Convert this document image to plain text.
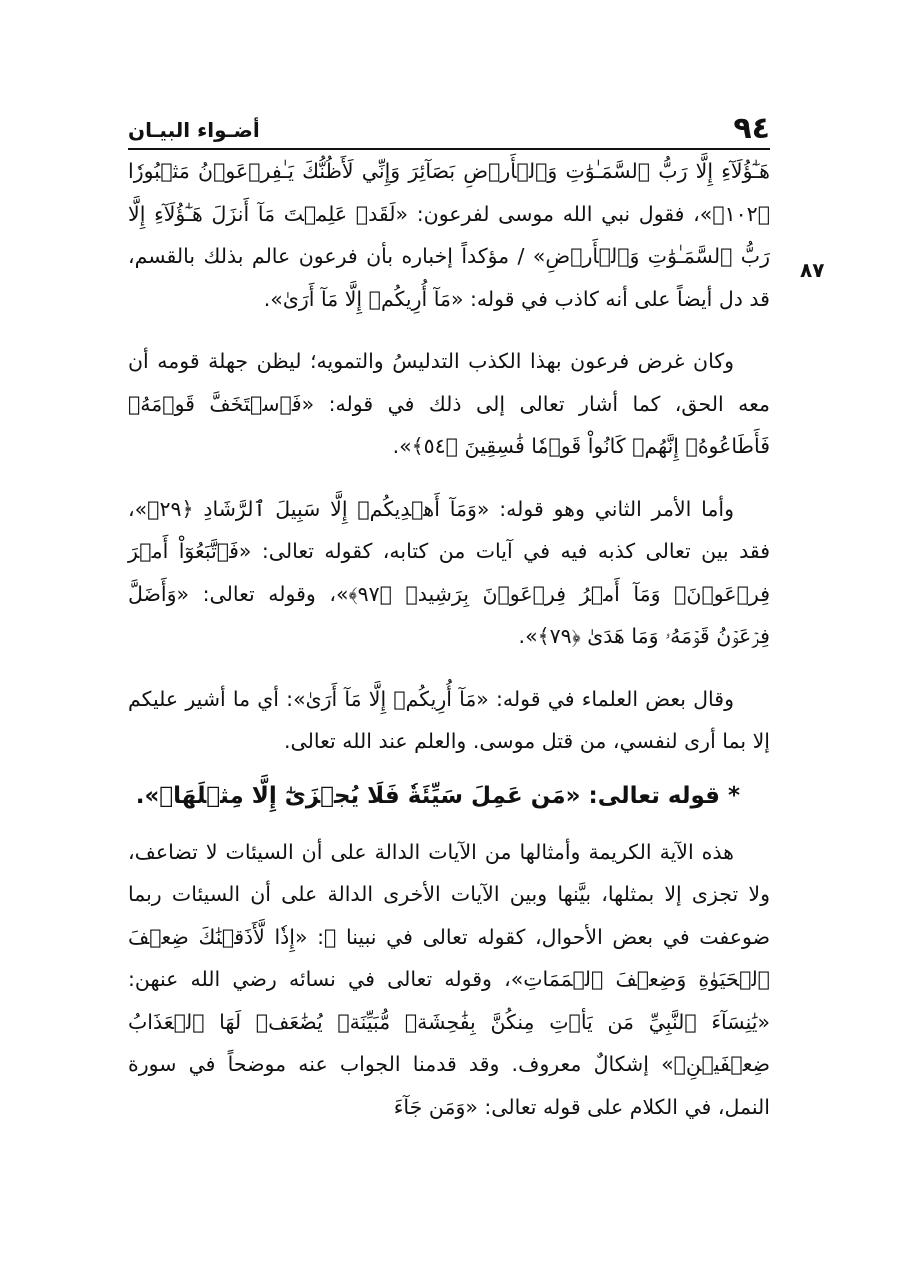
٩٤
أضـواء البيـان
٨٧

هَـٰٓؤُلَآءِ إِلَّا رَبُّ ٱلسَّمَـٰوَٰتِ وَٱلۡأَرۡضِ بَصَآئِرَ وَإِنِّي لَأَظُنُّكَ يَـٰفِرۡعَوۡنُ مَثۡبُورٗا ﴿١٠٢﴾»، فقول نبي الله موسى لفرعون: «لَقَدۡ عَلِمۡتَ مَآ أَنزَلَ هَـٰٓؤُلَآءِ إِلَّا رَبُّ ٱلسَّمَـٰوَٰتِ وَٱلۡأَرۡضِ» / مؤكداً إخباره بأن فرعون عالم بذلك بالقسم، قد دل أيضاً على أنه كاذب في قوله: «مَآ أُرِيكُمۡ إِلَّا مَآ أَرَىٰ».

وكان غرض فرعون بهذا الكذب التدليسُ والتمويه؛ ليظن جهلة قومه أن معه الحق، كما أشار تعالى إلى ذلك في قوله: «فَٱسۡتَخَفَّ قَوۡمَهُۥ فَأَطَاعُوهُۚ إِنَّهُمۡ كَانُواْ قَوۡمٗا فَٰسِقِينَ ﴿٥٤﴾».

وأما الأمر الثاني وهو قوله: «وَمَآ أَهۡدِيكُمۡ إِلَّا سَبِيلَ ٱلرَّشَادِ ﴿٢٩﴾»، فقد بين تعالى كذبه فيه في آيات من كتابه، كقوله تعالى: «فَٱتَّبَعُوٓاْ أَمۡرَ فِرۡعَوۡنَۖ وَمَآ أَمۡرُ فِرۡعَوۡنَ بِرَشِيدٖ ﴿٩٧﴾»، وقوله تعالى: «وَأَضَلَّ فِرۡعَوۡنُ قَوۡمَهُۥ وَمَا هَدَىٰ ﴿٧٩﴾».

وقال بعض العلماء في قوله: «مَآ أُرِيكُمۡ إِلَّا مَآ أَرَىٰ»: أي ما أشير عليكم إلا بما أرى لنفسي، من قتل موسى. والعلم عند الله تعالى.

* قوله تعالى: «مَن عَمِلَ سَيِّئَةٗ فَلَا يُجۡزَىٰٓ إِلَّا مِثۡلَهَاۖ».

هذه الآية الكريمة وأمثالها من الآيات الدالة على أن السيئات لا تضاعف، ولا تجزى إلا بمثلها، بيَّنها وبين الآيات الأخرى الدالة على أن السيئات ربما ضوعفت في بعض الأحوال، كقوله تعالى في نبينا ﷺ: «إِذٗا لَّأَذَقۡنَٰكَ ضِعۡفَ ٱلۡحَيَوٰةِ وَضِعۡفَ ٱلۡمَمَاتِ»، وقوله تعالى في نسائه رضي الله عنهن: «يَٰنِسَآءَ ٱلنَّبِيِّ مَن يَأۡتِ مِنكُنَّ بِفَٰحِشَةٖ مُّبَيِّنَةٖ يُضَٰعَفۡ لَهَا ٱلۡعَذَابُ ضِعۡفَيۡنِۚ» إشكالٌ معروف. وقد قدمنا الجواب عنه موضحاً في سورة النمل، في الكلام على قوله تعالى: «وَمَن جَآءَ
